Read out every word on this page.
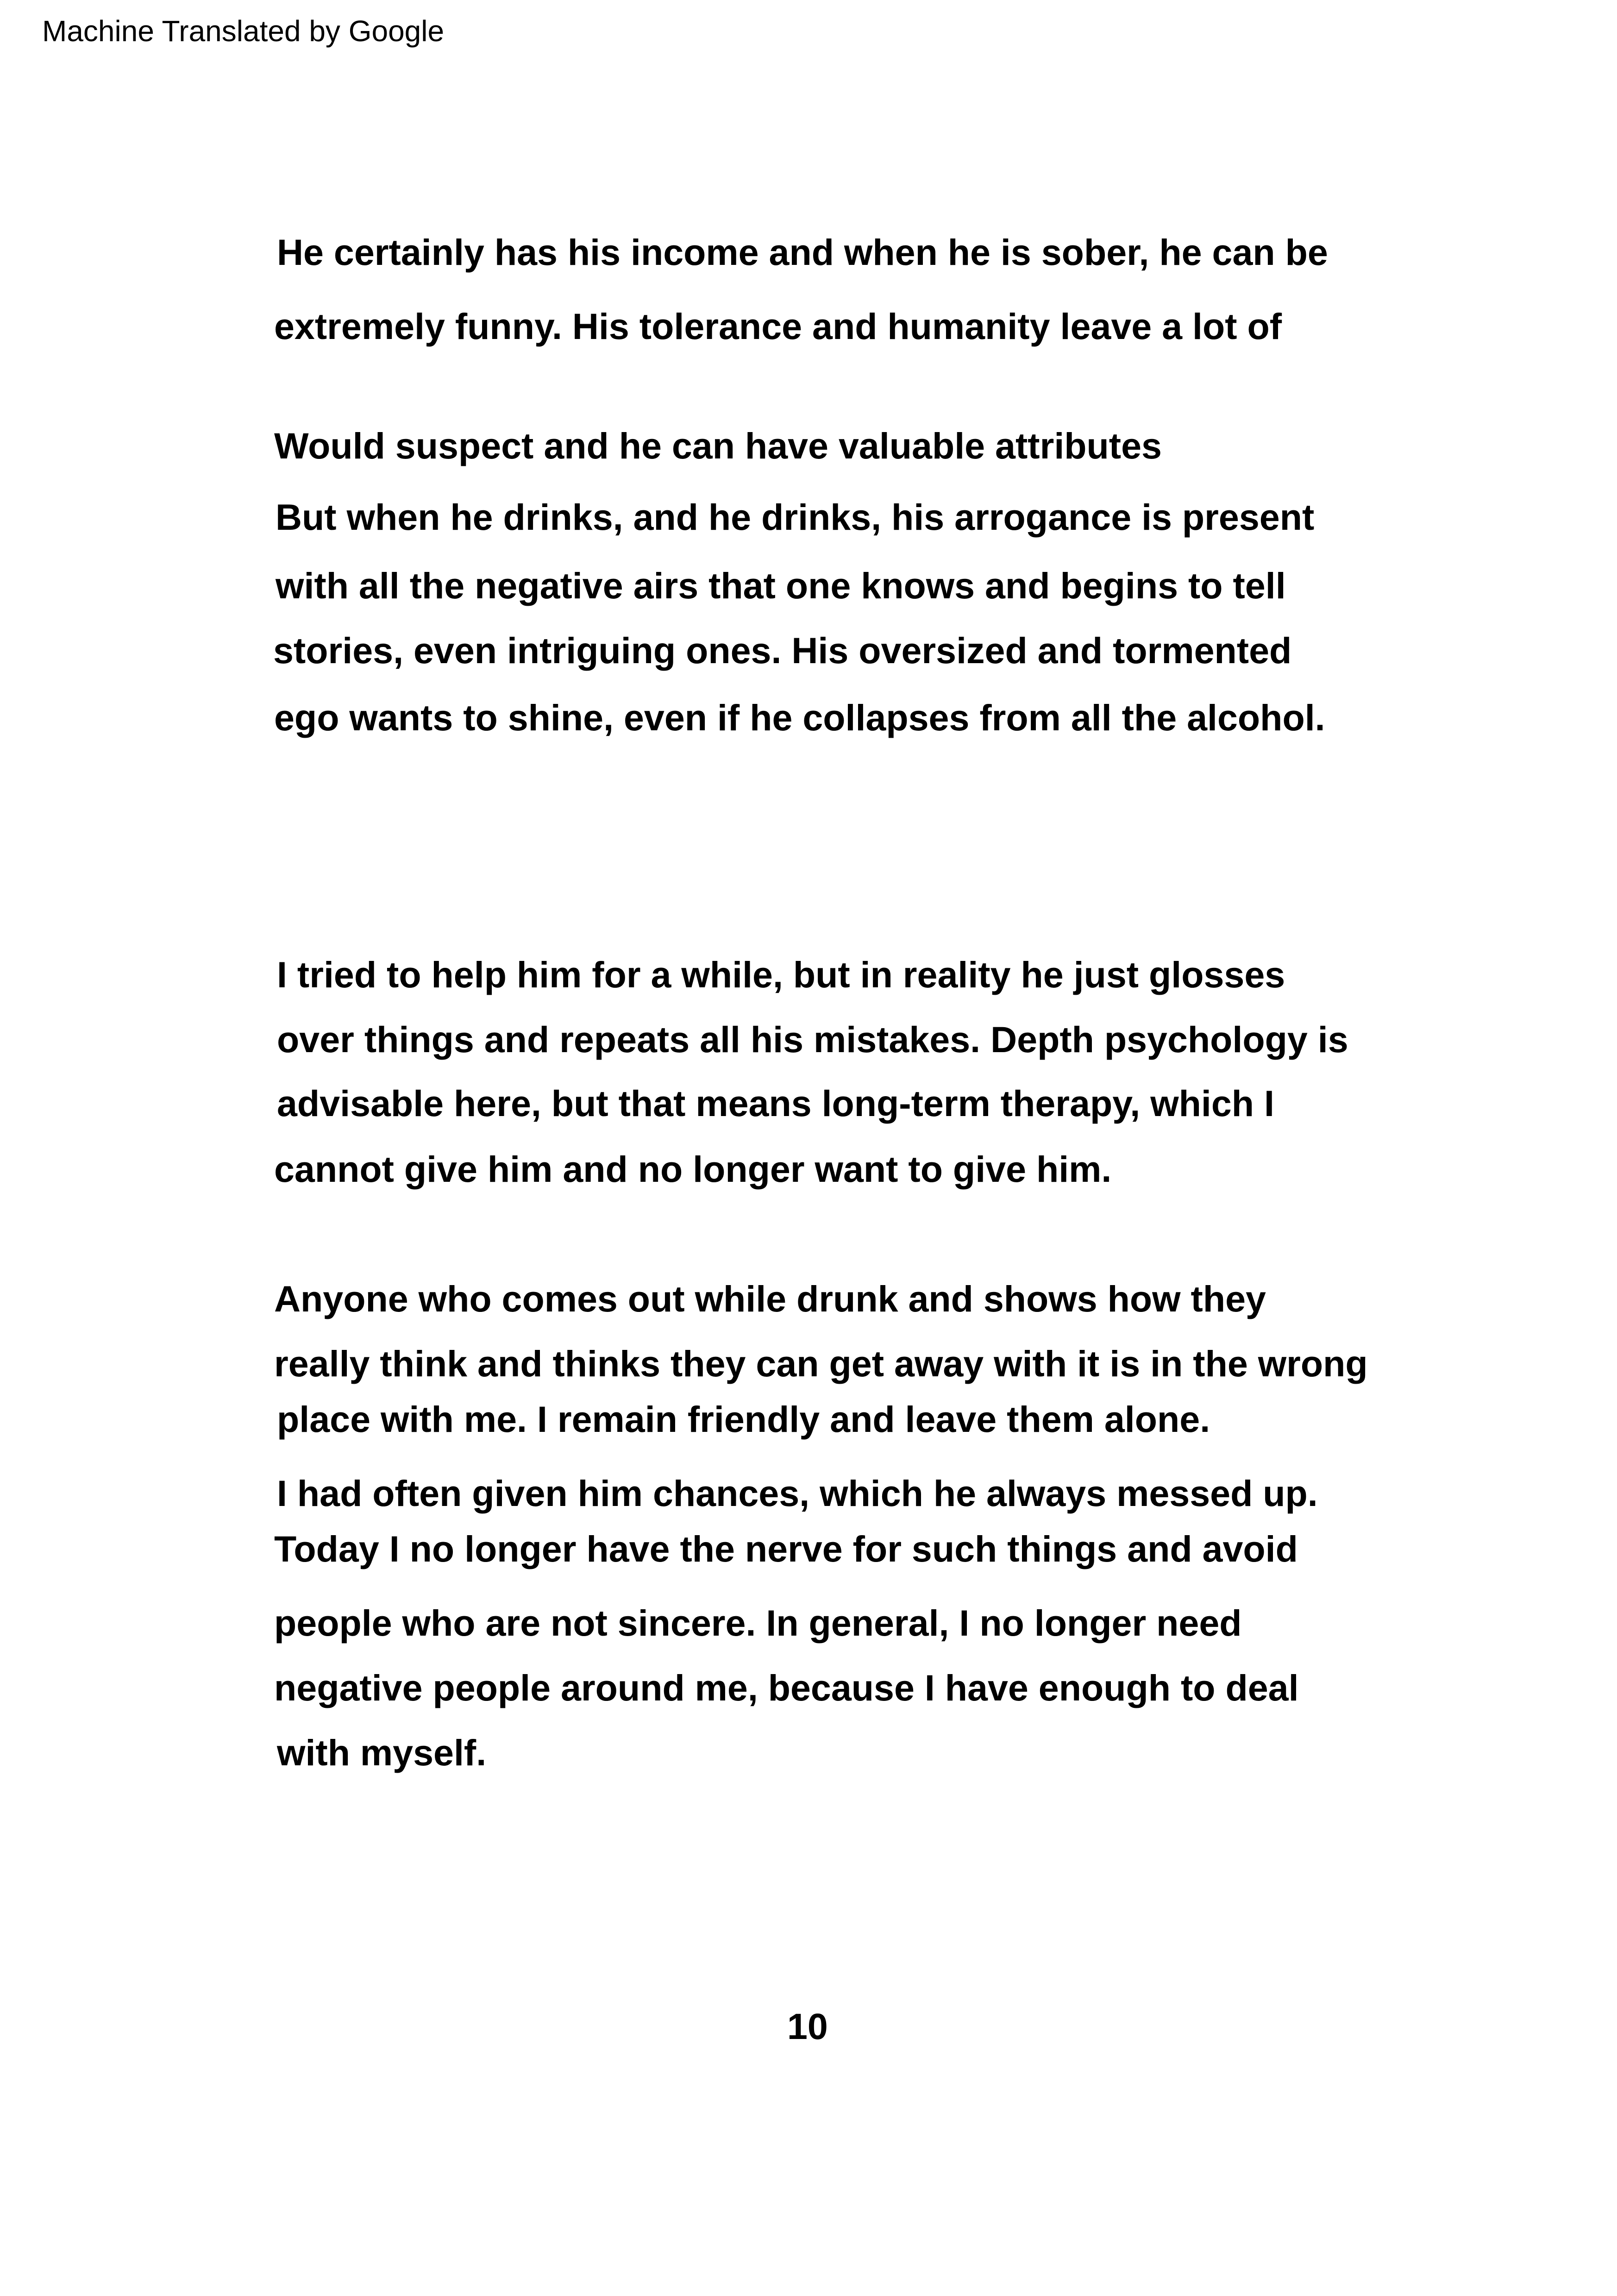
Machine Translated by Google
He certainly has his income and when he is sober, he can be
extremely funny. His tolerance and humanity leave a lot of
Would suspect and he can have valuable attributes
But when he drinks, and he drinks, his arrogance is present
with all the negative airs that one knows and begins to tell
stories, even intriguing ones. His oversized and tormented
ego wants to shine, even if he collapses from all the alcohol.
I tried to help him for a while, but in reality he just glosses
over things and repeats all his mistakes. Depth psychology is
advisable here, but that means long-term therapy, which I
cannot give him and no longer want to give him.
Anyone who comes out while drunk and shows how they
really think and thinks they can get away with it is in the wrong
place with me. I remain friendly and leave them alone.
I had often given him chances, which he always messed up.
Today I no longer have the nerve for such things and avoid
people who are not sincere. In general, I no longer need
negative people around me, because I have enough to deal
with myself.
10
